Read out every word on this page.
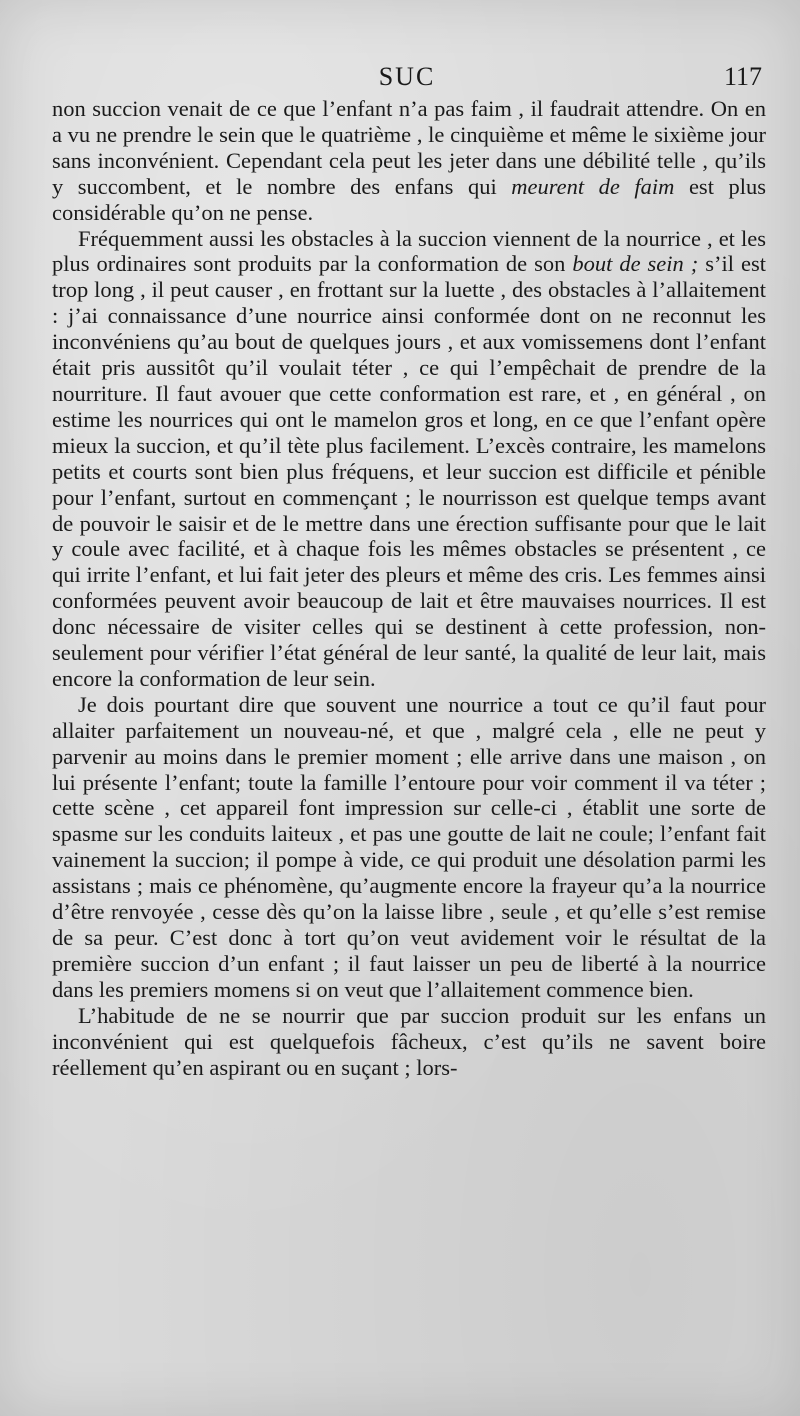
SUC	117

non succion venait de ce que l’enfant n’a pas faim , il faudrait attendre. On en a vu ne prendre le sein que le quatrième , le cinquième et même le sixième jour sans inconvénient. Cependant cela peut les jeter dans une débilité telle , qu’ils y succombent, et le nombre des enfans qui meurent de faim est plus considérable qu’on ne pense.

Fréquemment aussi les obstacles à la succion viennent de la nourrice , et les plus ordinaires sont produits par la conformation de son bout de sein ; s’il est trop long , il peut causer , en frottant sur la luette , des obstacles à l’allaitement : j’ai connaissance d’une nourrice ainsi conformée dont on ne reconnut les inconvéniens qu’au bout de quelques jours , et aux vomissemens dont l’enfant était pris aussitôt qu’il voulait téter , ce qui l’empêchait de prendre de la nourriture. Il faut avouer que cette conformation est rare, et , en général , on estime les nourrices qui ont le mamelon gros et long, en ce que l’enfant opère mieux la succion, et qu’il tète plus facilement. L’excès contraire, les mamelons petits et courts sont bien plus fréquens, et leur succion est difficile et pénible pour l’enfant, surtout en commençant ; le nourrisson est quelque temps avant de pouvoir le saisir et de le mettre dans une érection suffisante pour que le lait y coule avec facilité, et à chaque fois les mêmes obstacles se présentent , ce qui irrite l’enfant, et lui fait jeter des pleurs et même des cris. Les femmes ainsi conformées peuvent avoir beaucoup de lait et être mauvaises nourrices. Il est donc nécessaire de visiter celles qui se destinent à cette profession, non-seulement pour vérifier l’état général de leur santé, la qualité de leur lait, mais encore la conformation de leur sein.

Je dois pourtant dire que souvent une nourrice a tout ce qu’il faut pour allaiter parfaitement un nouveau-né, et que , malgré cela , elle ne peut y parvenir au moins dans le premier moment ; elle arrive dans une maison , on lui présente l’enfant; toute la famille l’entoure pour voir comment il va téter ; cette scène , cet appareil font impression sur celle-ci , établit une sorte de spasme sur les conduits laiteux , et pas une goutte de lait ne coule; l’enfant fait vainement la succion; il pompe à vide, ce qui produit une désolation parmi les assistans ; mais ce phénomène, qu’augmente encore la frayeur qu’a la nourrice d’être renvoyée , cesse dès qu’on la laisse libre , seule , et qu’elle s’est remise de sa peur. C’est donc à tort qu’on veut avidement voir le résultat de la première succion d’un enfant ; il faut laisser un peu de liberté à la nourrice dans les premiers momens si on veut que l’allaitement commence bien.

L’habitude de ne se nourrir que par succion produit sur les enfans un inconvénient qui est quelquefois fâcheux, c’est qu’ils ne savent boire réellement qu’en aspirant ou en suçant ; lors-
